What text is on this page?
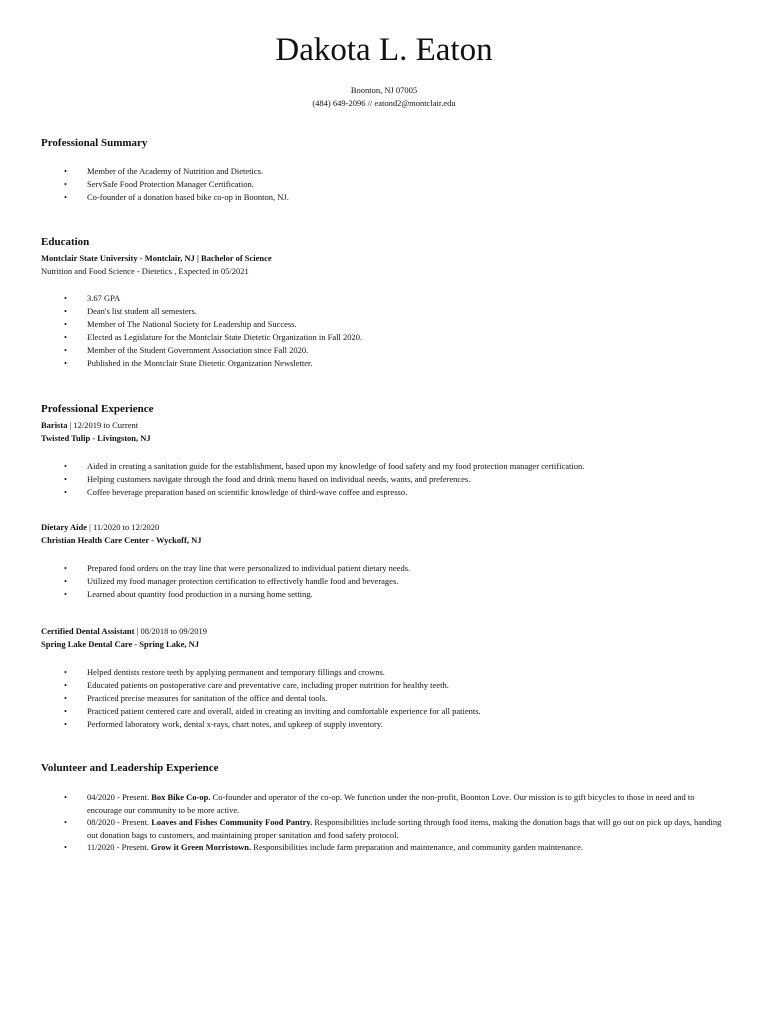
Dakota L. Eaton
Boonton, NJ 07005
(484) 649-2096 // eatond2@montclair.edu
Professional Summary
• Member of the Academy of Nutrition and Dietetics.
• ServSafe Food Protection Manager Certification.
• Co-founder of a donation based bike co-op in Boonton, NJ.
Education
Montclair State University - Montclair, NJ | Bachelor of Science
Nutrition and Food Science - Dietetics , Expected in 05/2021
• 3.67 GPA
• Dean's list student all semesters.
• Member of The National Society for Leadership and Success.
• Elected as Legislature for the Montclair State Dietetic Organization in Fall 2020.
• Member of the Student Government Association since Fall 2020.
• Published in the Montclair State Dietetic Organization Newsletter.
Professional Experience
Barista | 12/2019 to Current
Twisted Tulip - Livingston, NJ
• Aided in creating a sanitation guide for the establishment, based upon my knowledge of food safety and my food protection manager certification.
• Helping customers navigate through the food and drink menu based on individual needs, wants, and preferences.
• Coffee beverage preparation based on scientific knowledge of third-wave coffee and espresso.
Dietary Aide | 11/2020 to 12/2020
Christian Health Care Center - Wyckoff, NJ
• Prepared food orders on the tray line that were personalized to individual patient dietary needs.
• Utilized my food manager protection certification to effectively handle food and beverages.
• Learned about quantity food production in a nursing home setting.
Certified Dental Assistant | 08/2018 to 09/2019
Spring Lake Dental Care - Spring Lake, NJ
• Helped dentists restore teeth by applying permanent and temporary fillings and crowns.
• Educated patients on postoperative care and preventative care, including proper nutrition for healthy teeth.
• Practiced precise measures for sanitation of the office and dental tools.
• Practiced patient centered care and overall, aided in creating an inviting and comfortable experience for all patients.
• Performed laboratory work, dental x-rays, chart notes, and upkeep of supply inventory.
Volunteer and Leadership Experience
• 04/2020 - Present. Box Bike Co-op. Co-founder and operator of the co-op. We function under the non-profit, Boonton Love. Our mission is to gift bicycles to those in need and to encourage our community to be more active.
• 08/2020 - Present. Loaves and Fishes Community Food Pantry. Responsibilities include sorting through food items, making the donation bags that will go out on pick up days, handing out donation bags to customers, and maintaining proper sanitation and food safety protocol.
• 11/2020 - Present. Grow it Green Morristown. Responsibilities include farm preparation and maintenance, and community garden maintenance.
